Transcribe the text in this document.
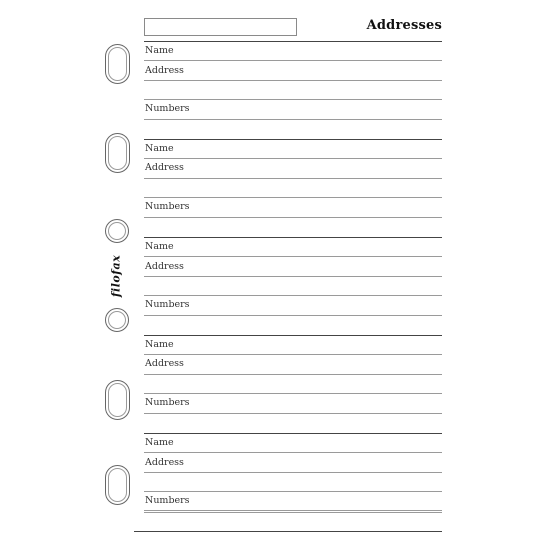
Addresses
filofax
Name
Address
Numbers
Name
Address
Numbers
Name
Address
Numbers
Name
Address
Numbers
Name
Address
Numbers
